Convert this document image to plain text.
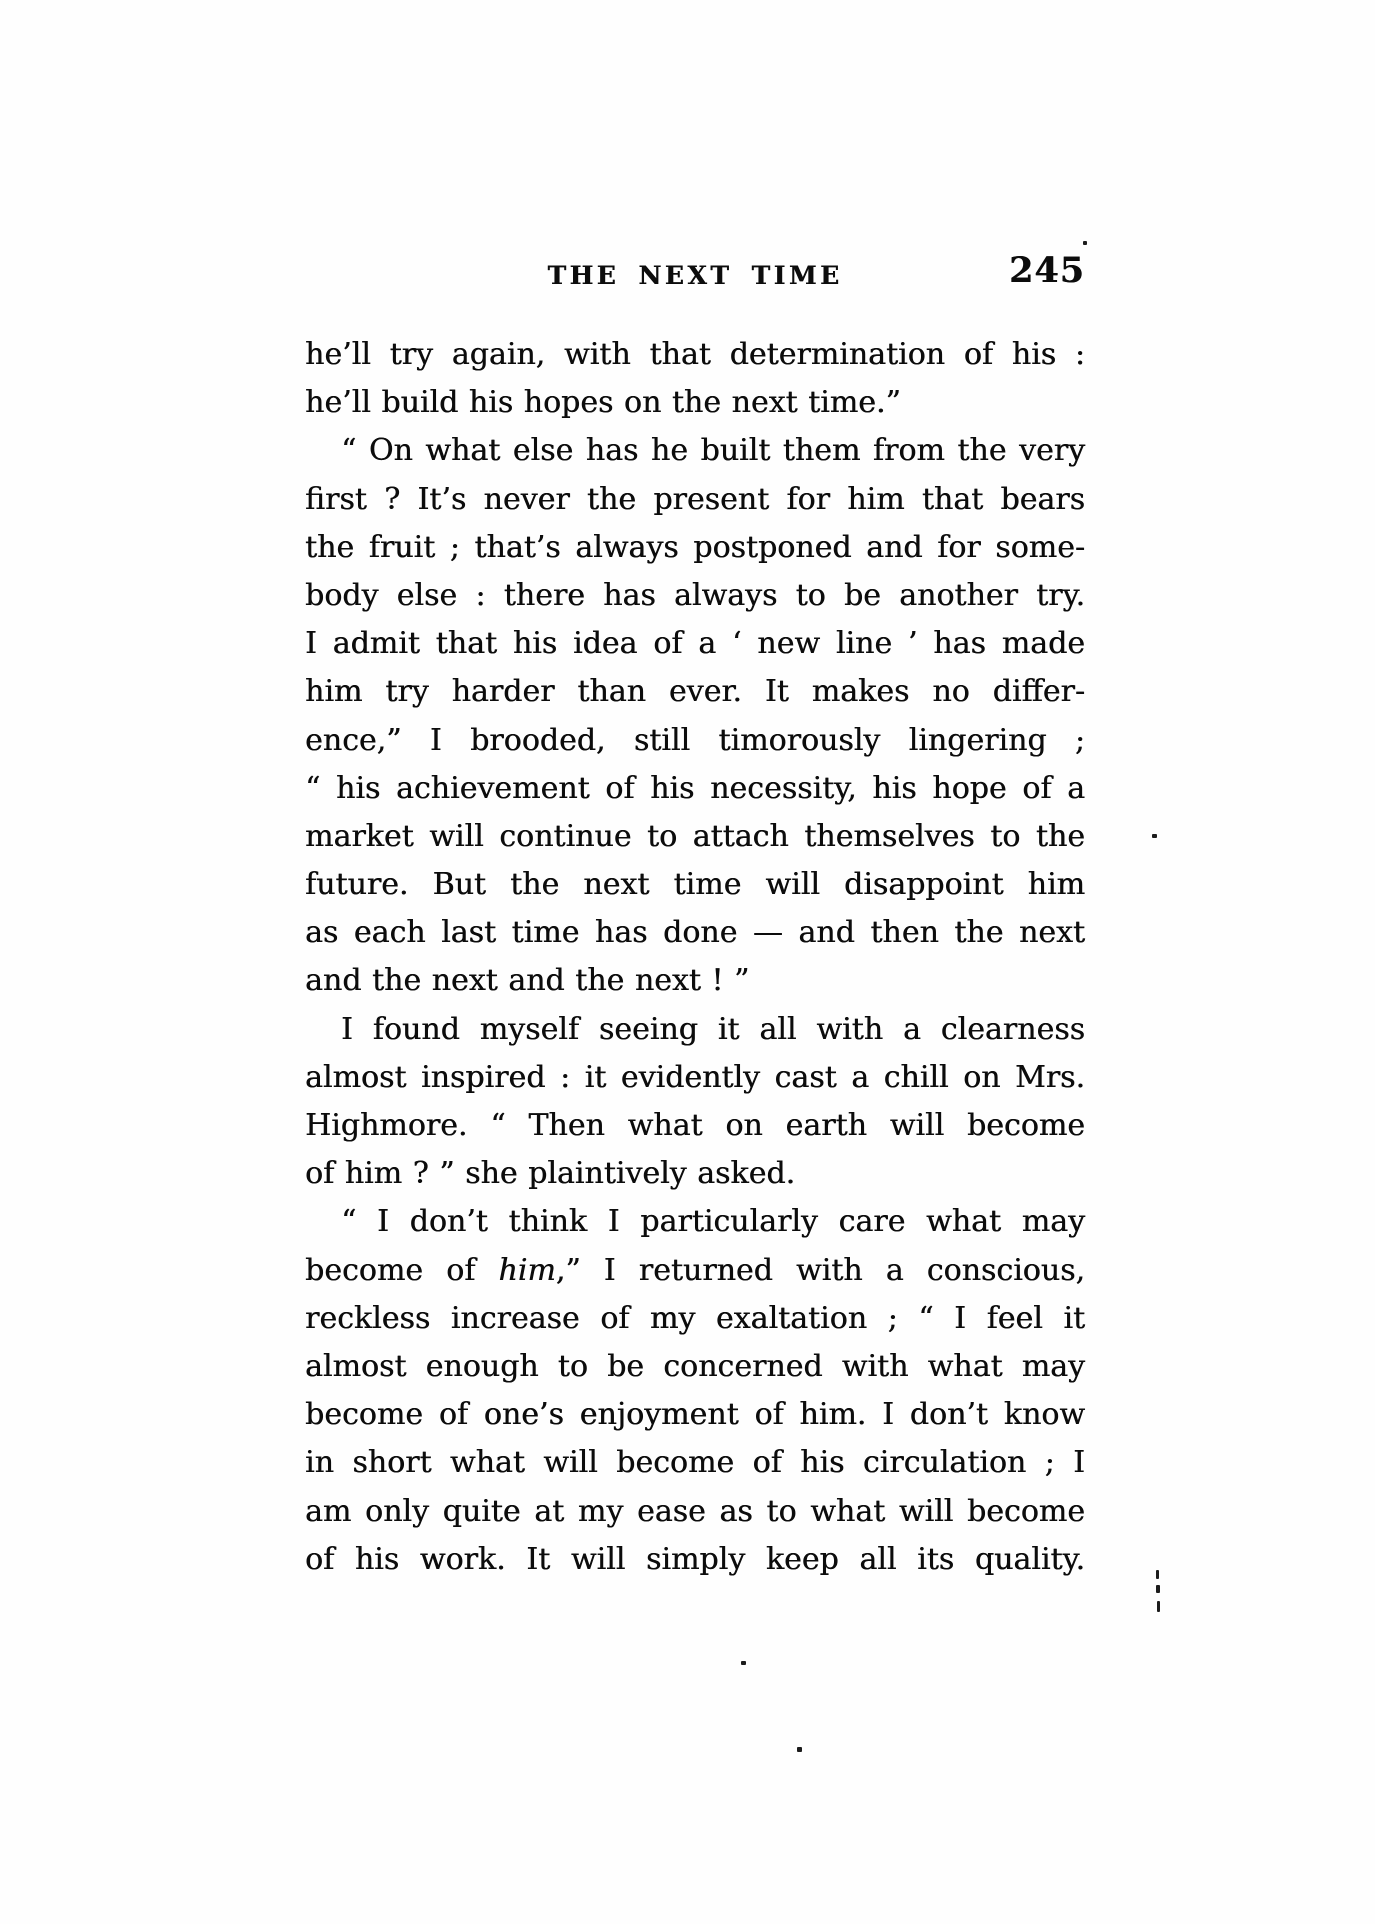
THE NEXT TIME	245
he’ll try again, with that determination of his :
he’ll build his hopes on the next time.”
“ On what else has he built them from the very
first ? It’s never the present for him that bears
the fruit ; that’s always postponed and for some-
body else : there has always to be another try.
I admit that his idea of a ‘ new line ’ has made
him try harder than ever. It makes no differ-
ence,” I brooded, still timorously lingering ;
“ his achievement of his necessity, his hope of a
market will continue to attach themselves to the
future. But the next time will disappoint him
as each last time has done — and then the next
and the next and the next ! ”
I found myself seeing it all with a clearness
almost inspired : it evidently cast a chill on Mrs.
Highmore. “ Then what on earth will become
of him ? ” she plaintively asked.
“ I don’t think I particularly care what may
become of him,” I returned with a conscious,
reckless increase of my exaltation ; “ I feel it
almost enough to be concerned with what may
become of one’s enjoyment of him. I don’t know
in short what will become of his circulation ; I
am only quite at my ease as to what will become
of his work. It will simply keep all its quality.
